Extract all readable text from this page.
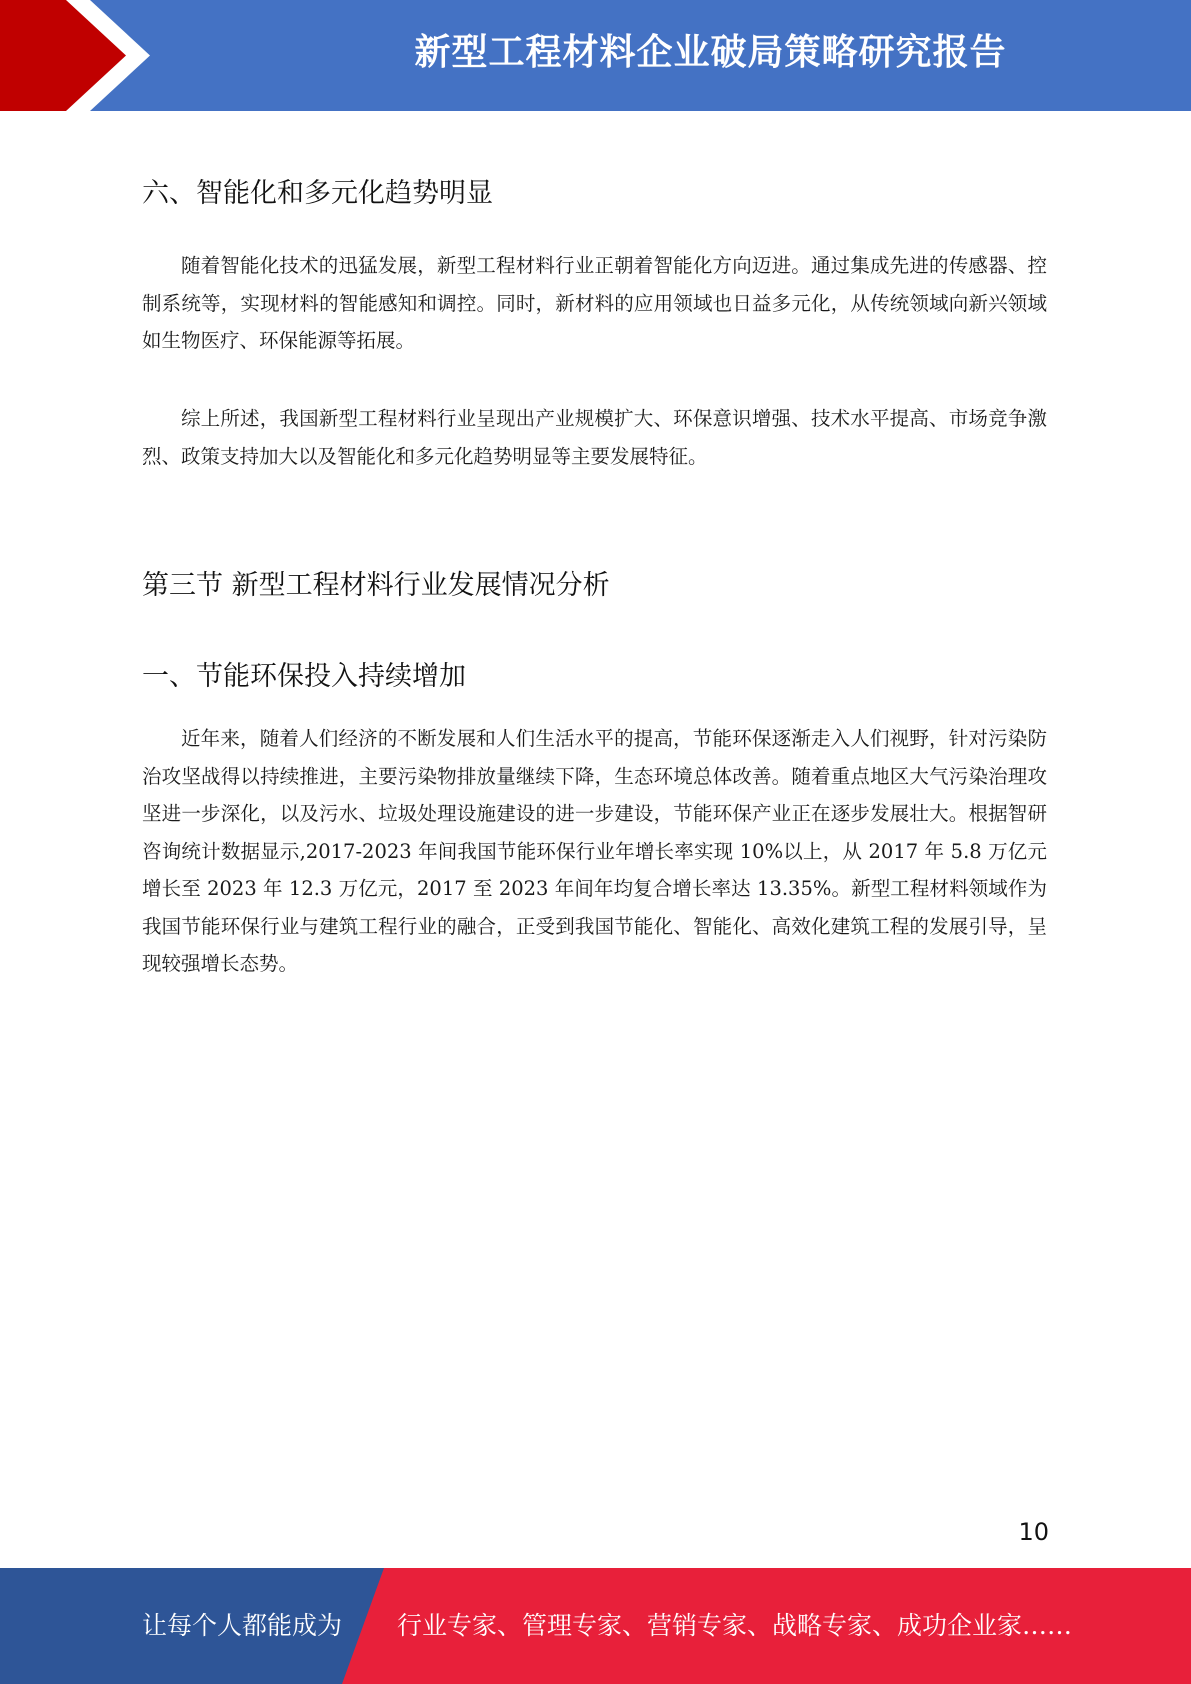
新型工程材料企业破局策略研究报告
六、智能化和多元化趋势明显

随着智能化技术的迅猛发展，新型工程材料行业正朝着智能化方向迈进。通过集成先进的传感器、控制系统等，实现材料的智能感知和调控。同时，新材料的应用领域也日益多元化，从传统领域向新兴领域如生物医疗、环保能源等拓展。

综上所述，我国新型工程材料行业呈现出产业规模扩大、环保意识增强、技术水平提高、市场竞争激烈、政策支持加大以及智能化和多元化趋势明显等主要发展特征。

第三节 新型工程材料行业发展情况分析
一、节能环保投入持续增加

近年来，随着人们经济的不断发展和人们生活水平的提高，节能环保逐渐走入人们视野，针对污染防治攻坚战得以持续推进，主要污染物排放量继续下降，生态环境总体改善。随着重点地区大气污染治理攻坚进一步深化，以及污水、垃圾处理设施建设的进一步建设，节能环保产业正在逐步发展壮大。根据智研咨询统计数据显示,2017-2023 年间我国节能环保行业年增长率实现 10%以上，从 2017 年 5.8 万亿元增长至 2023 年 12.3 万亿元，2017 至 2023 年间年均复合增长率达 13.35%。新型工程材料领域作为我国节能环保行业与建筑工程行业的融合，正受到我国节能化、智能化、高效化建筑工程的发展引导，呈现较强增长态势。

10
让每个人都能成为 行业专家、管理专家、营销专家、战略专家、成功企业家……
